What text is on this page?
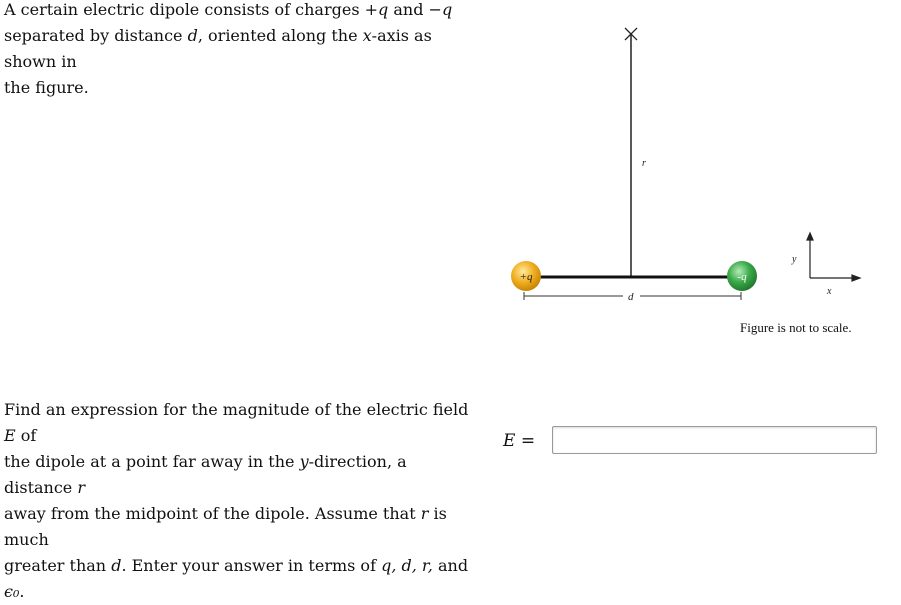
A certain electric dipole consists of charges +q and −q
separated by distance d, oriented along the x-axis as shown in
the figure.
r
d
+q	-q
y
x
Figure is not to scale.
Find an expression for the magnitude of the electric field E of
the dipole at a point far away in the y-direction, a distance r
away from the midpoint of the dipole. Assume that r is much
greater than d. Enter your answer in terms of q, d, r, and ϵ₀.
E =
